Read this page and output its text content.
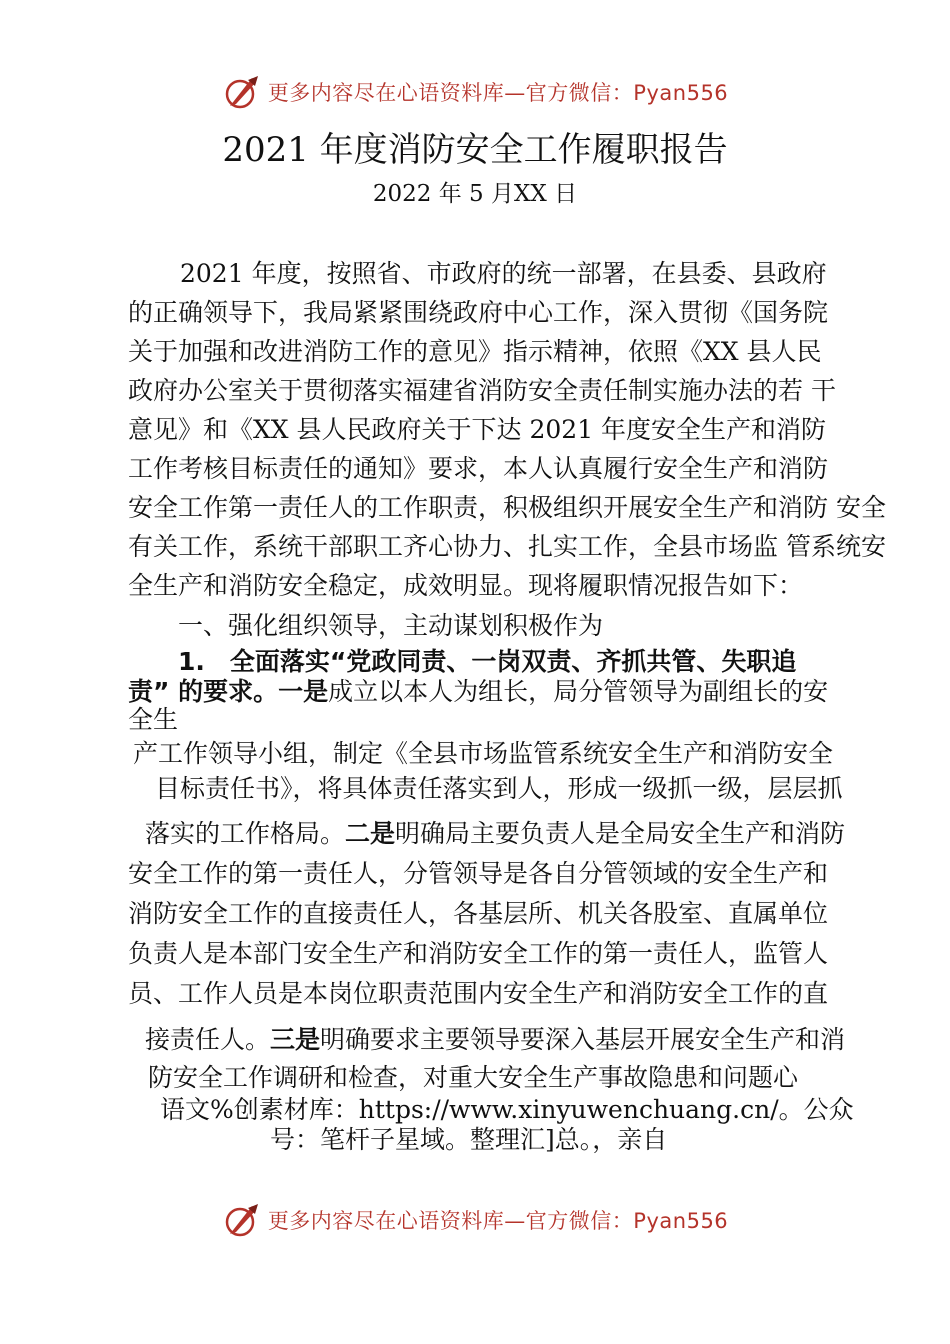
更多内容尽在心语资料库—官方微信：Pyan556
2021 年度消防安全工作履职报告
2022 年 5 月XX 日
2021 年度，按照省、市政府的统一部署，在县委、县政府
的正确领导下，我局紧紧围绕政府中心工作，深入贯彻《国务院
关于加强和改进消防工作的意见》指示精神，依照《XX 县人民
政府办公室关于贯彻落实福建省消防安全责任制实施办法的若 干
意见》和《XX 县人民政府关于下达 2021 年度安全生产和消防
工作考核目标责任的通知》要求，本人认真履行安全生产和消防
安全工作第一责任人的工作职责，积极组织开展安全生产和消防 安全
有关工作，系统干部职工齐心协力、扎实工作，全县市场监 管系统安
全生产和消防安全稳定，成效明显。现将履职情况报告如下：
一、强化组织领导，主动谋划积极作为
1.　全面落实“党政同责、一岗双责、齐抓共管、失职追
责” 的要求。一是成立以本人为组长，局分管领导为副组长的安
全生
产工作领导小组，制定《全县市场监管系统安全生产和消防安全
目标责任书》，将具体责任落实到人，形成一级抓一级，层层抓
落实的工作格局。二是明确局主要负责人是全局安全生产和消防
安全工作的第一责任人，分管领导是各自分管领域的安全生产和
消防安全工作的直接责任人，各基层所、机关各股室、直属单位
负责人是本部门安全生产和消防安全工作的第一责任人，监管人
员、工作人员是本岗位职责范围内安全生产和消防安全工作的直
接责任人。三是明确要求主要领导要深入基层开展安全生产和消
防安全工作调研和检查，对重大安全生产事故隐患和问题心
语文%创素材库：https://www.xinyuwenchuang.cn/。公众
号：笔杆子星域。整理汇]总。，亲自
更多内容尽在心语资料库—官方微信：Pyan556
